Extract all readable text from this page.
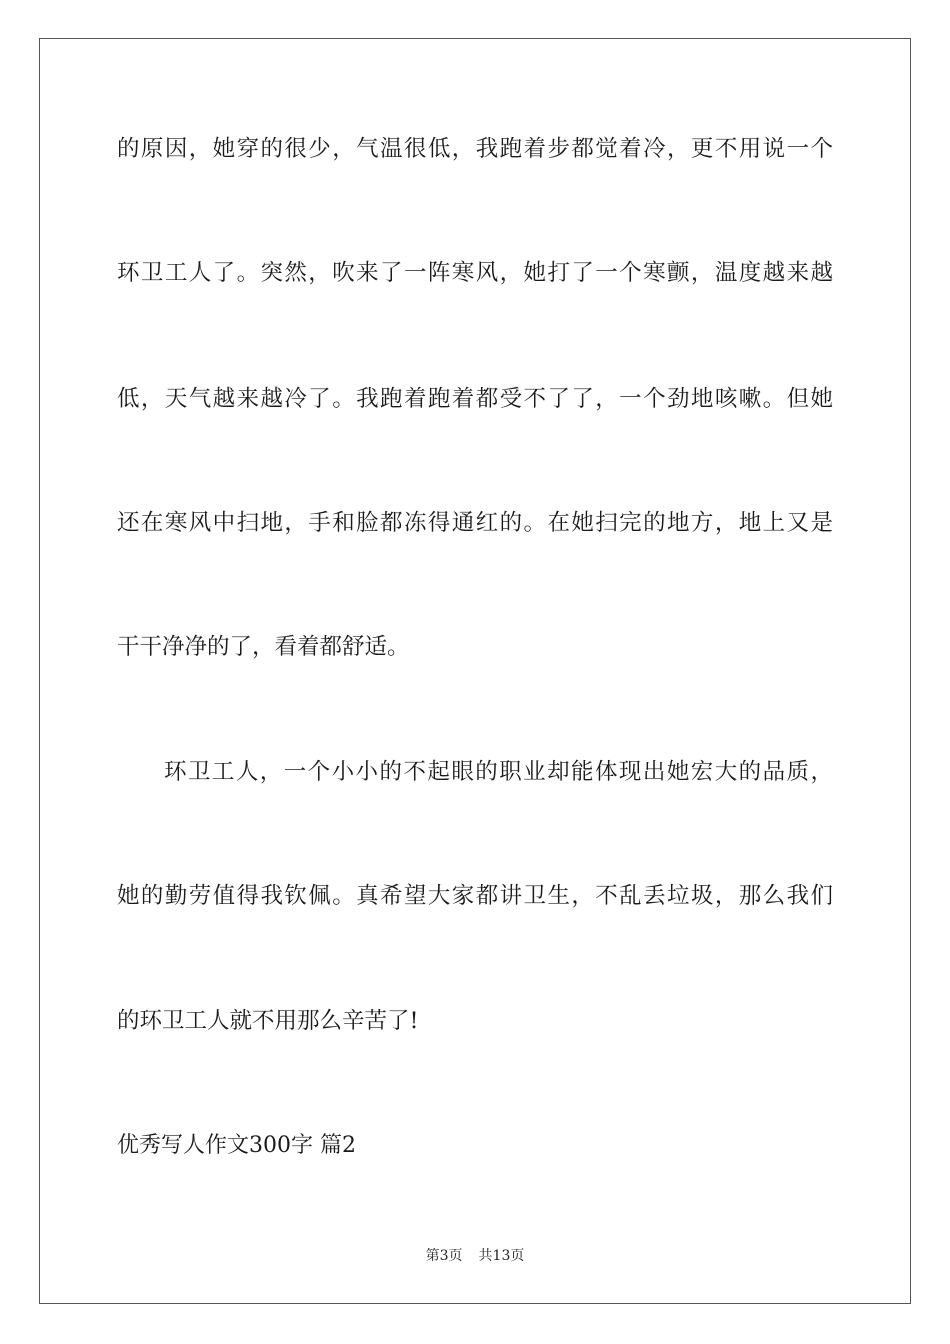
的原因，她穿的很少，气温很低，我跑着步都觉着冷，更不用说一个
环卫工人了。突然，吹来了一阵寒风，她打了一个寒颤，温度越来越
低，天气越来越冷了。我跑着跑着都受不了了，一个劲地咳嗽。但她
还在寒风中扫地，手和脸都冻得通红的。在她扫完的地方，地上又是
干干净净的了，看着都舒适。
环卫工人，一个小小的不起眼的职业却能体现出她宏大的品质，
她的勤劳值得我钦佩。真希望大家都讲卫生，不乱丢垃圾，那么我们
的环卫工人就不用那么辛苦了!
优秀写人作文300字 篇2
第3页 共13页
